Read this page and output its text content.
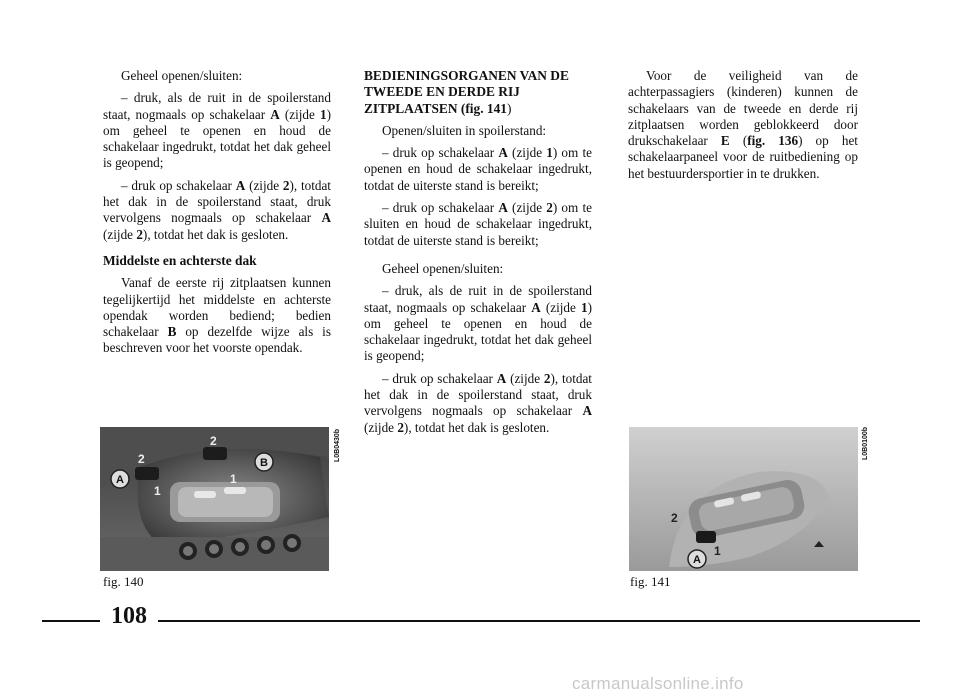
Geheel openen/sluiten:

– druk, als de ruit in de spoilerstand staat, nogmaals op schakelaar A (zijde 1) om geheel te openen en houd de schakelaar ingedrukt, totdat het dak geheel is geopend;

– druk op schakelaar A (zijde 2), totdat het dak in de spoilerstand staat, druk vervolgens nogmaals op schakelaar A (zijde 2), totdat het dak is gesloten.

Middelste en achterste dak

Vanaf de eerste rij zitplaatsen kunnen tegelijkertijd het middelste en achterste opendak worden bediend; bedien schakelaar B op dezelfde wijze als is beschreven voor het voorste opendak.

BEDIENINGSORGANEN VAN DE TWEEDE EN DERDE RIJ ZITPLAATSEN (fig. 141)

Openen/sluiten in spoilerstand:

– druk op schakelaar A (zijde 1) om te openen en houd de schakelaar ingedrukt, totdat de uiterste stand is bereikt;

– druk op schakelaar A (zijde 2) om te sluiten en houd de schakelaar ingedrukt, totdat de uiterste stand is bereikt;

Geheel openen/sluiten:

– druk, als de ruit in de spoilerstand staat, nogmaals op schakelaar A (zijde 1) om geheel te openen en houd de schakelaar ingedrukt, totdat het dak geheel is geopend;

– druk op schakelaar A (zijde 2), totdat het dak in de spoilerstand staat, druk vervolgens nogmaals op schakelaar A (zijde 2), totdat het dak is gesloten.

Voor de veiligheid van de achterpassagiers (kinderen) kunnen de schakelaars van de tweede en derde rij zitplaatsen worden geblokkeerd door drukschakelaar E (fig. 136) op het schakelaarpaneel voor de ruitbediening op het bestuurdersportier in te drukken.

A
B
2
1
2
1
L0B0430b
fig. 140
A
2
1
L0B0100b
fig. 141
108
carmanualsonline.info
